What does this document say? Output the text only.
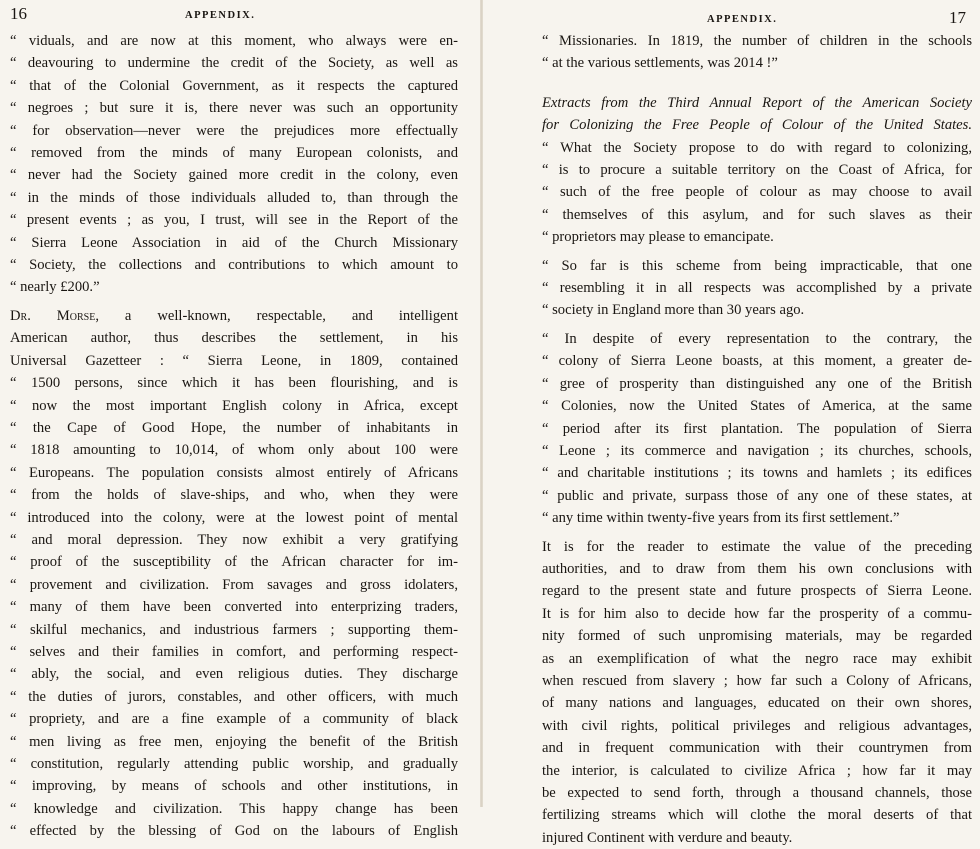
16	APPENDIX.
“ viduals, and are now at this moment, who always were en-
“ deavouring to undermine the credit of the Society, as well as
“ that of the Colonial Government, as it respects the captured
“ negroes ; but sure it is, there never was such an opportunity
“ for observation—never were the prejudices more effectually
“ removed from the minds of many European colonists, and
“ never had the Society gained more credit in the colony, even
“ in the minds of those individuals alluded to, than through the
“ present events ; as you, I trust, will see in the Report of the
“ Sierra Leone Association in aid of the Church Missionary
“ Society, the collections and contributions to which amount to
“ nearly £200.”
Dr. Morse, a well-known, respectable, and intelligent
American author, thus describes the settlement, in his
Universal Gazetteer : “ Sierra Leone, in 1809, contained
“ 1500 persons, since which it has been flourishing, and is
“ now the most important English colony in Africa, except
“ the Cape of Good Hope, the number of inhabitants in
“ 1818 amounting to 10,014, of whom only about 100 were
“ Europeans. The population consists almost entirely of Africans
“ from the holds of slave-ships, and who, when they were
“ introduced into the colony, were at the lowest point of mental
“ and moral depression. They now exhibit a very gratifying
“ proof of the susceptibility of the African character for im-
“ provement and civilization. From savages and gross idolaters,
“ many of them have been converted into enterprizing traders,
“ skilful mechanics, and industrious farmers ; supporting them-
“ selves and their families in comfort, and performing respect-
“ ably, the social, and even religious duties. They discharge
“ the duties of jurors, constables, and other officers, with much
“ propriety, and are a fine example of a community of black
“ men living as free men, enjoying the benefit of the British
“ constitution, regularly attending public worship, and gradually
“ improving, by means of schools and other institutions, in
“ knowledge and civilization. This happy change has been
“ effected by the blessing of God on the labours of English
APPENDIX.	17
“ Missionaries. In 1819, the number of children in the schools
“ at the various settlements, was 2014 !”
Extracts from the Third Annual Report of the American Society
for Colonizing the Free People of Colour of the United States.
“ What the Society propose to do with regard to colonizing,
“ is to procure a suitable territory on the Coast of Africa, for
“ such of the free people of colour as may choose to avail
“ themselves of this asylum, and for such slaves as their
“ proprietors may please to emancipate.
“ So far is this scheme from being impracticable, that one
“ resembling it in all respects was accomplished by a private
“ society in England more than 30 years ago.
“ In despite of every representation to the contrary, the
“ colony of Sierra Leone boasts, at this moment, a greater de-
“ gree of prosperity than distinguished any one of the British
“ Colonies, now the United States of America, at the same
“ period after its first plantation. The population of Sierra
“ Leone ; its commerce and navigation ; its churches, schools,
“ and charitable institutions ; its towns and hamlets ; its edifices
“ public and private, surpass those of any one of these states, at
“ any time within twenty-five years from its first settlement.”
It is for the reader to estimate the value of the preceding
authorities, and to draw from them his own conclusions with
regard to the present state and future prospects of Sierra Leone.
It is for him also to decide how far the prosperity of a commu-
nity formed of such unpromising materials, may be regarded
as an exemplification of what the negro race may exhibit
when rescued from slavery ; how far such a Colony of Africans,
of many nations and languages, educated on their own shores,
with civil rights, political privileges and religious advantages,
and in frequent communication with their countrymen from
the interior, is calculated to civilize Africa ; how far it may
be expected to send forth, through a thousand channels, those
fertilizing streams which will clothe the moral deserts of that
injured Continent with verdure and beauty.
